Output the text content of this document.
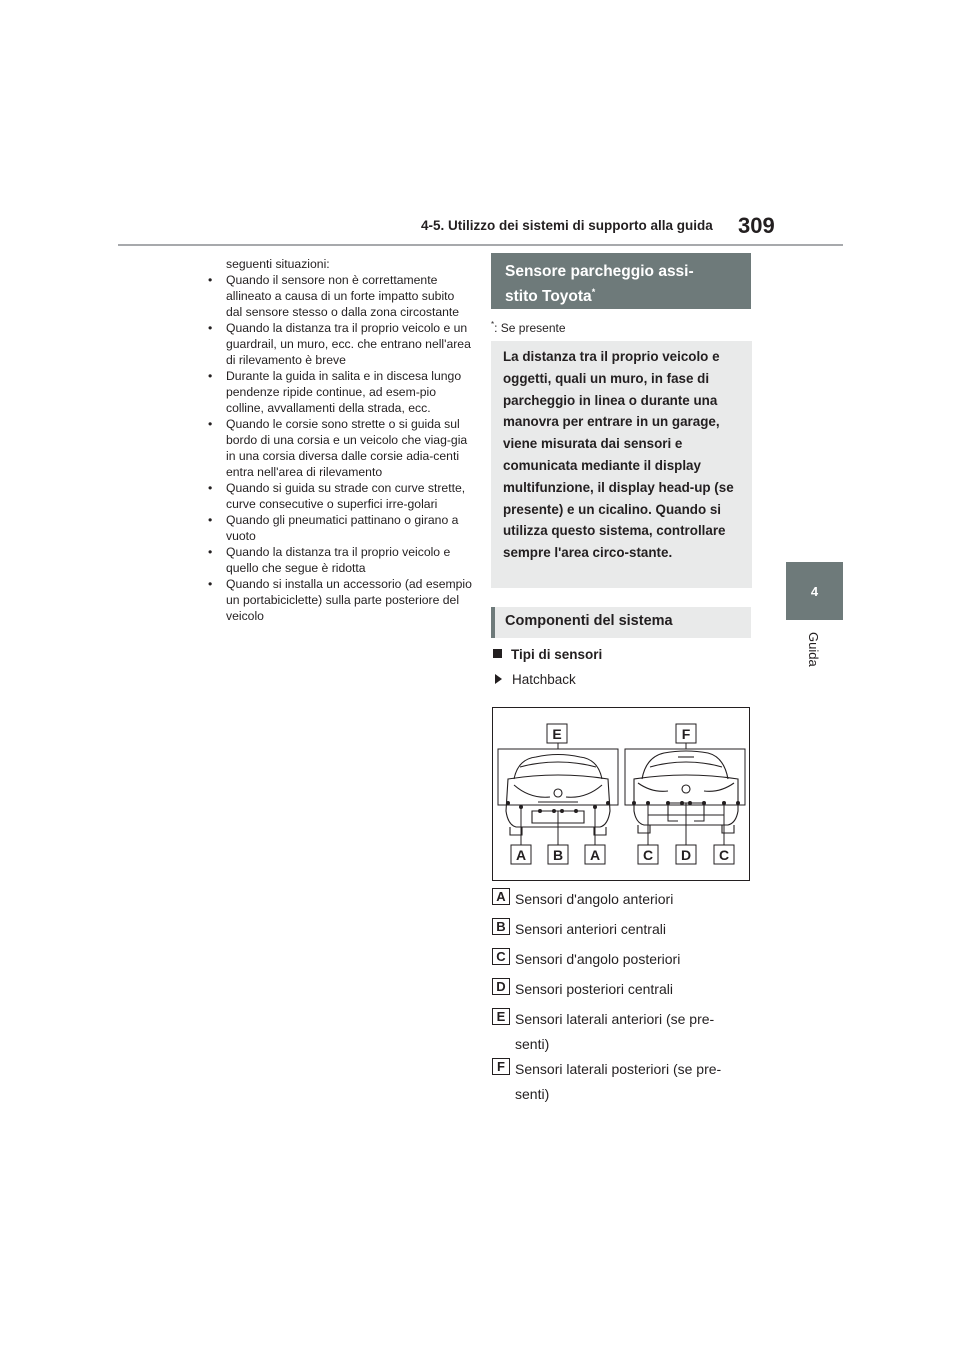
4-5. Utilizzo dei sistemi di supporto alla guida 309
4
Guida
seguenti situazioni:
• Quando il sensore non è correttamente allineato a causa di un forte impatto subito dal sensore stesso o dalla zona circostante
• Quando la distanza tra il proprio veicolo e un guardrail, un muro, ecc. che entrano nell'area di rilevamento è breve
• Durante la guida in salita e in discesa lungo pendenze ripide continue, ad esem-pio colline, avvallamenti della strada, ecc.
• Quando le corsie sono strette o si guida sul bordo di una corsia e un veicolo che viag-gia in una corsia diversa dalle corsie adia-centi entra nell'area di rilevamento
• Quando si guida su strade con curve strette, curve consecutive o superfici irre-golari
• Quando gli pneumatici pattinano o girano a vuoto
• Quando la distanza tra il proprio veicolo e quello che segue è ridotta
• Quando si installa un accessorio (ad esempio un portabiciclette) sulla parte posteriore del veicolo
Sensore parcheggio assi-
stito Toyota*
*: Se presente
La distanza tra il proprio veicolo e oggetti, quali un muro, in fase di parcheggio in linea o durante una manovra per entrare in un garage, viene misurata dai sensori e comunicata mediante il display multifunzione, il display head-up (se presente) e un cicalino. Quando si utilizza questo sistema, controllare sempre l'area circo-stante.
Componenti del sistema
Tipi di sensori
Hatchback
E	F
A B A	C D C
A Sensori d'angolo anteriori
B Sensori anteriori centrali
C Sensori d'angolo posteriori
D Sensori posteriori centrali
E Sensori laterali anteriori (se pre-senti)
F Sensori laterali posteriori (se pre-senti)
